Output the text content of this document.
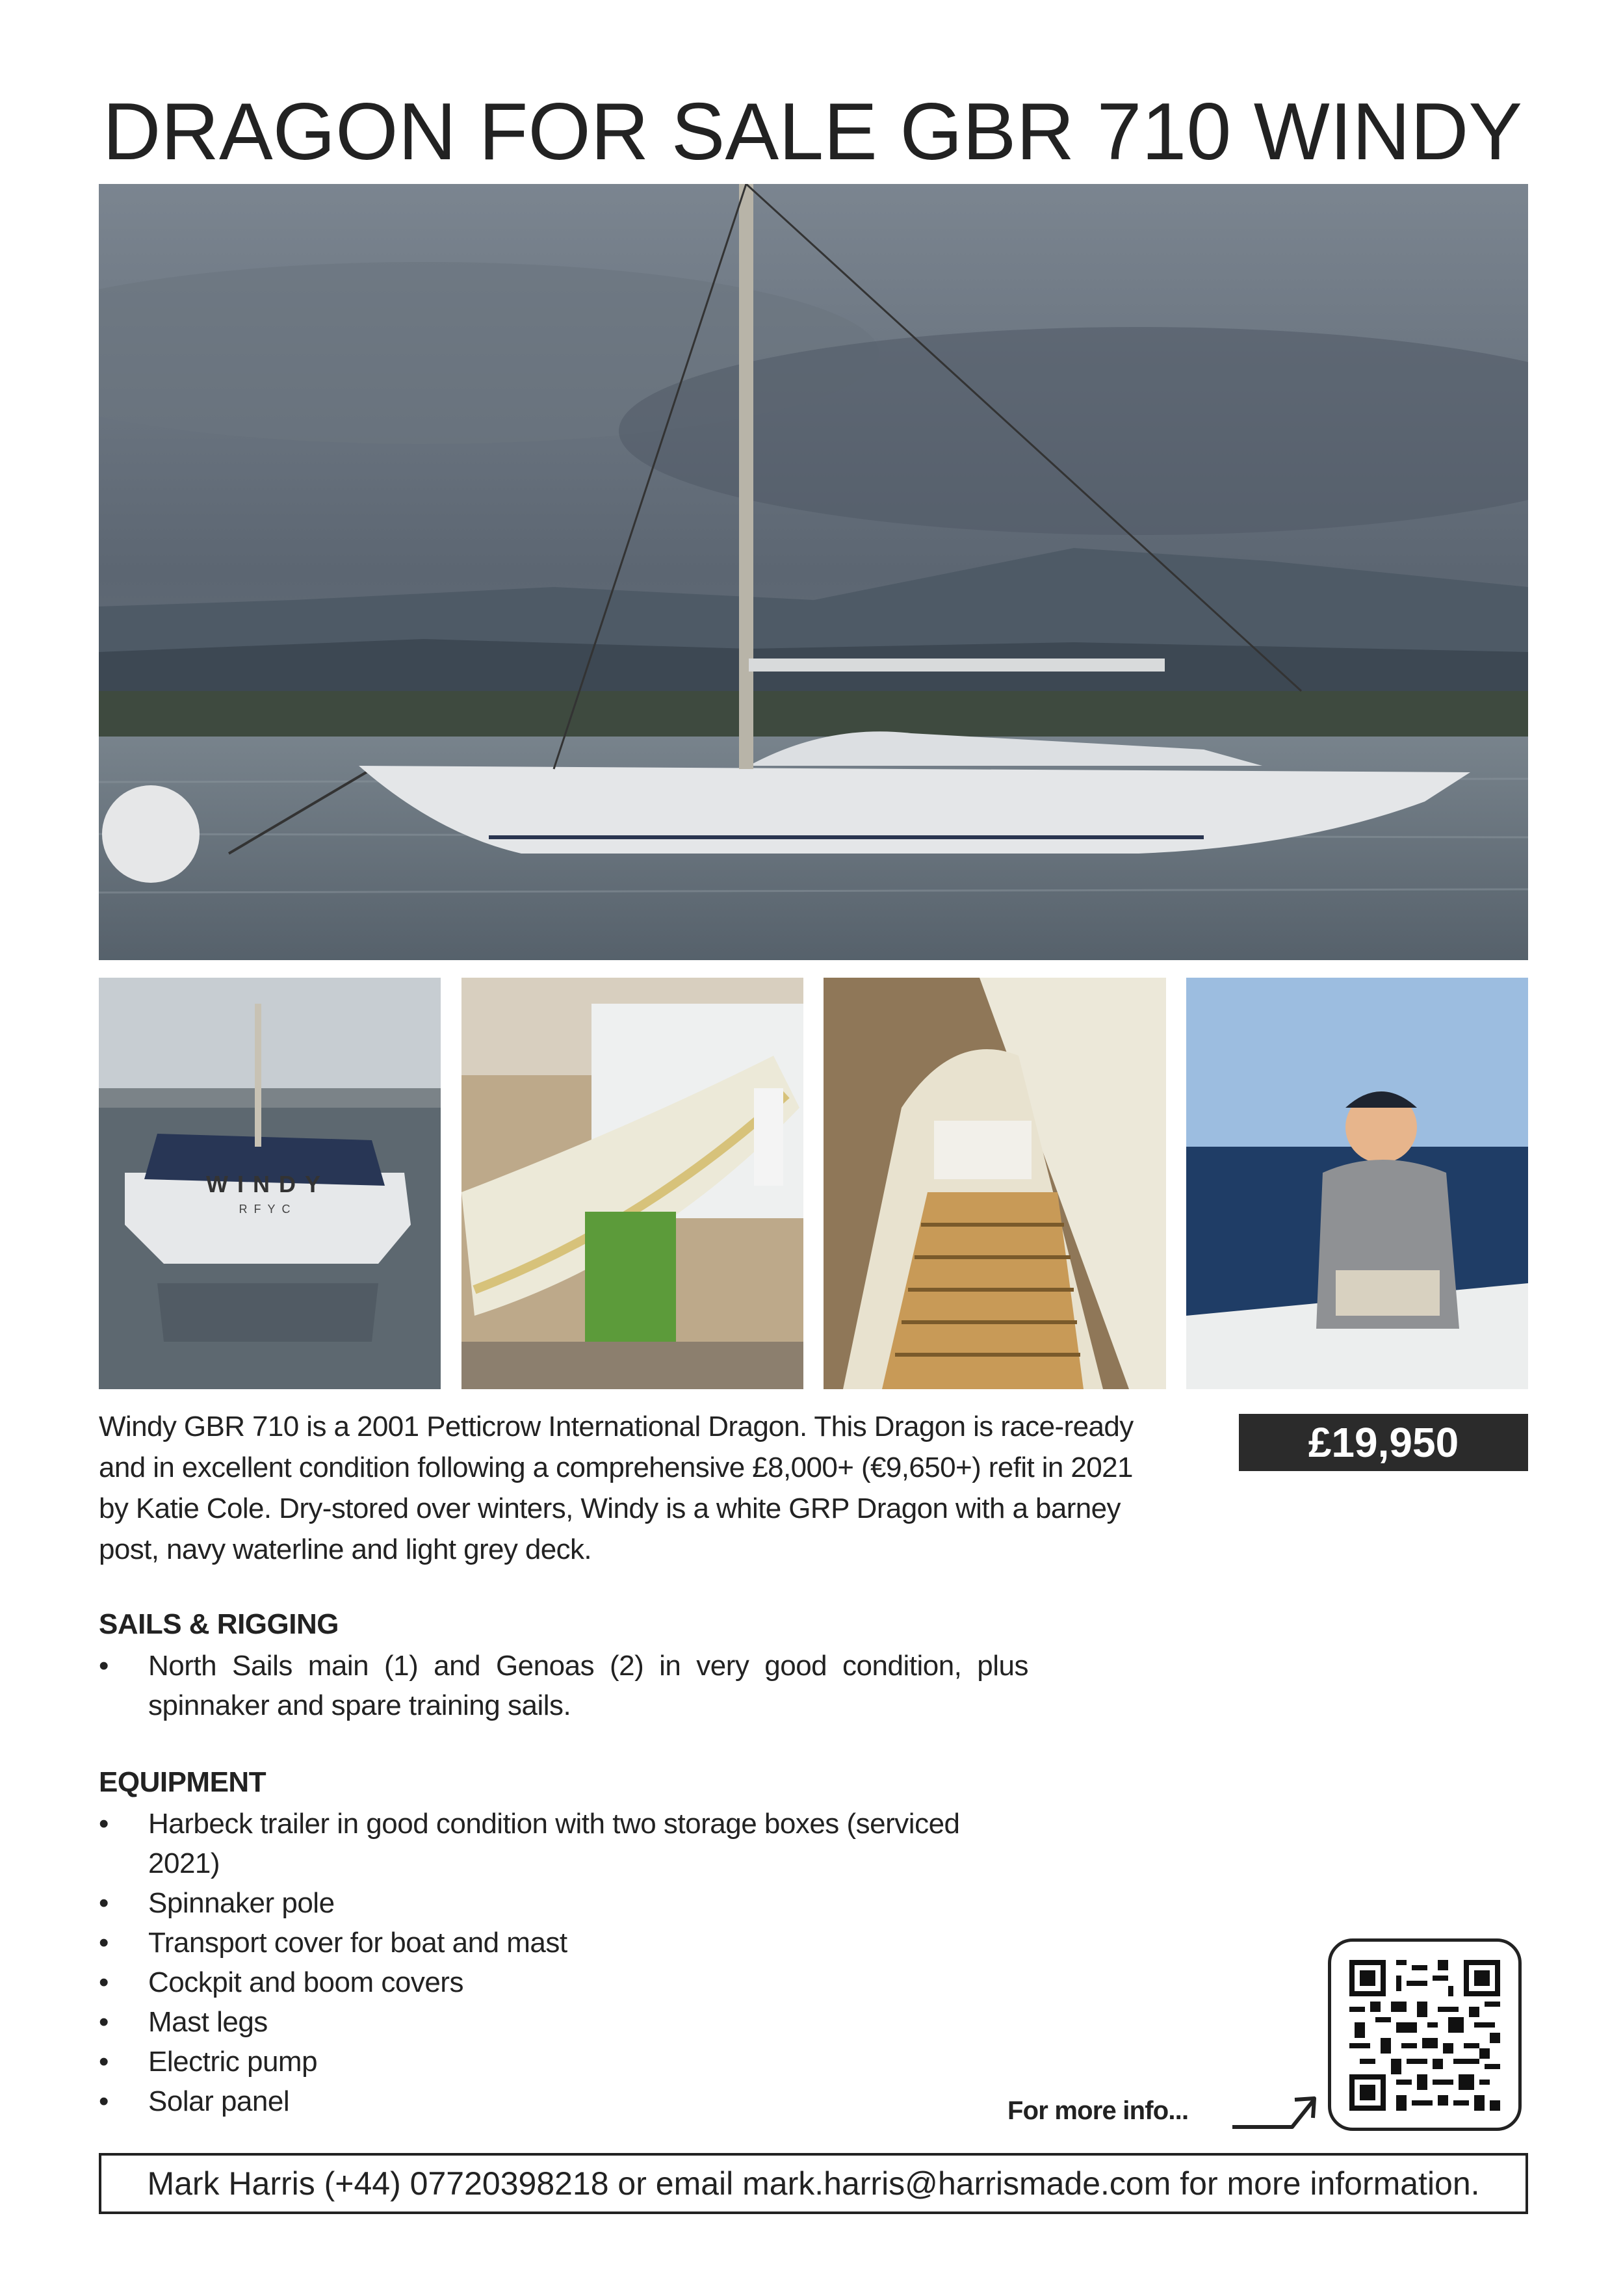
DRAGON FOR SALE GBR 710 WINDY
WINDY
RFYC

Windy GBR 710 is a 2001 Petticrow International Dragon. This Dragon is race-ready and in excellent condition following a comprehensive £8,000+ (€9,650+) refit in 2021 by Katie Cole. Dry-stored over winters, Windy is a white GRP Dragon with a barney post, navy waterline and light grey deck.

£19,950
SAILS & RIGGING
• North Sails main (1) and Genoas (2) in very good condition, plus spinnaker and spare training sails.
EQUIPMENT
• Harbeck trailer in good condition with two storage boxes (serviced 2021)
• Spinnaker pole
• Transport cover for boat and mast
• Cockpit and boom covers
• Mast legs
• Electric pump
• Solar panel	For more info...
Mark Harris (+44) 07720398218 or email mark.harris@harrismade.com for more information.
